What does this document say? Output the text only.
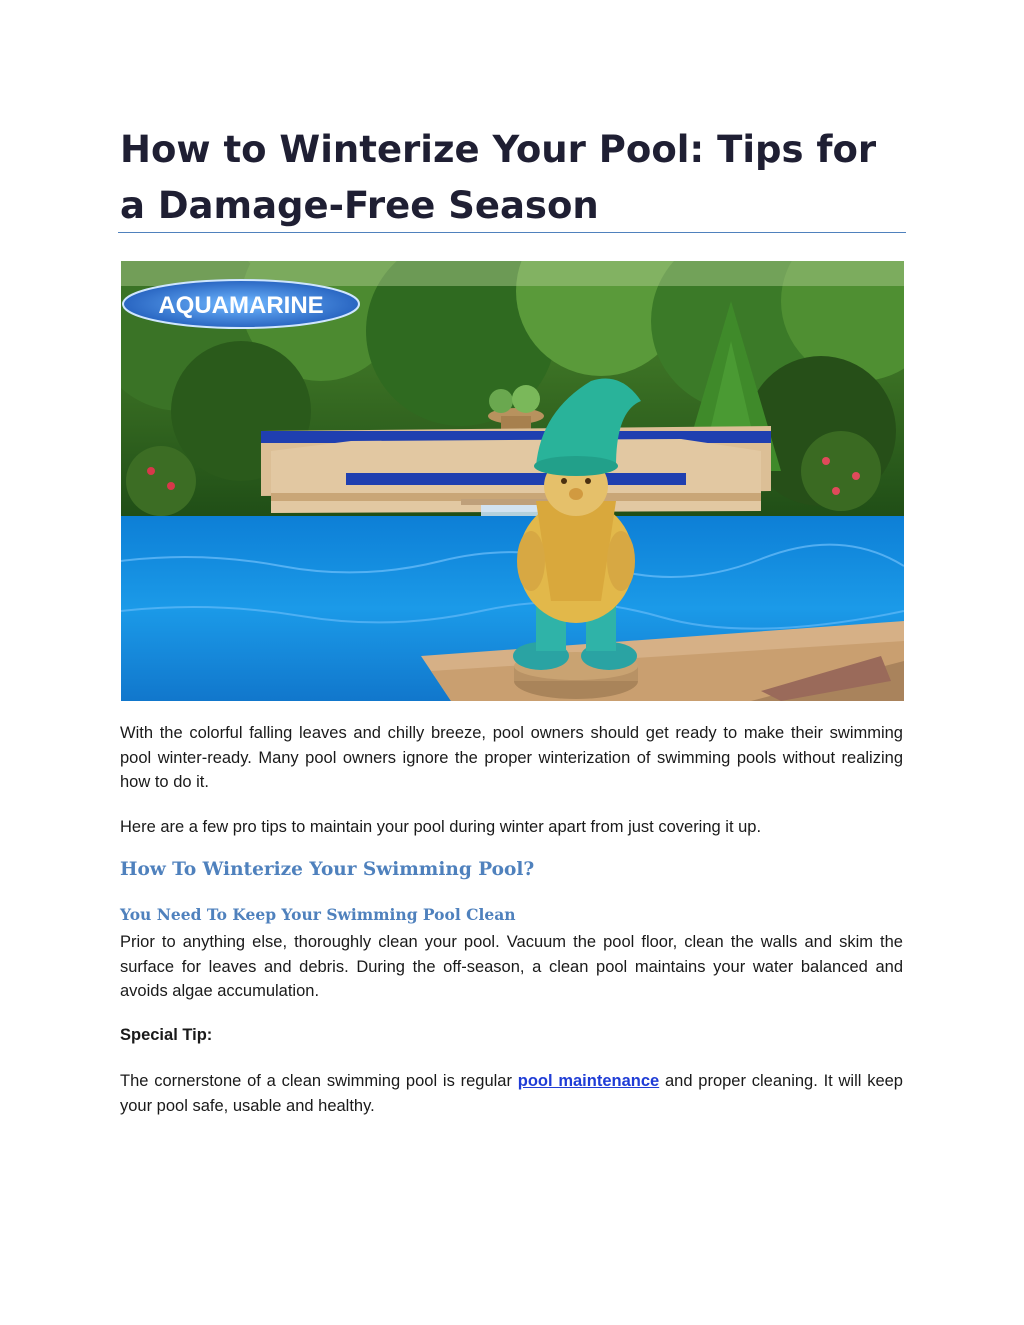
How to Winterize Your Pool: Tips for a Damage-Free Season
AQUAMARINE

With the colorful falling leaves and chilly breeze, pool owners should get ready to make their swimming pool winter-ready. Many pool owners ignore the proper winterization of swimming pools without realizing how to do it.

Here are a few pro tips to maintain your pool during winter apart from just covering it up.

How To Winterize Your Swimming Pool?
You Need To Keep Your Swimming Pool Clean

Prior to anything else, thoroughly clean your pool. Vacuum the pool floor, clean the walls and skim the surface for leaves and debris. During the off-season, a clean pool maintains your water balanced and avoids algae accumulation.

Special Tip:

The cornerstone of a clean swimming pool is regular pool maintenance and proper cleaning. It will keep your pool safe, usable and healthy.
